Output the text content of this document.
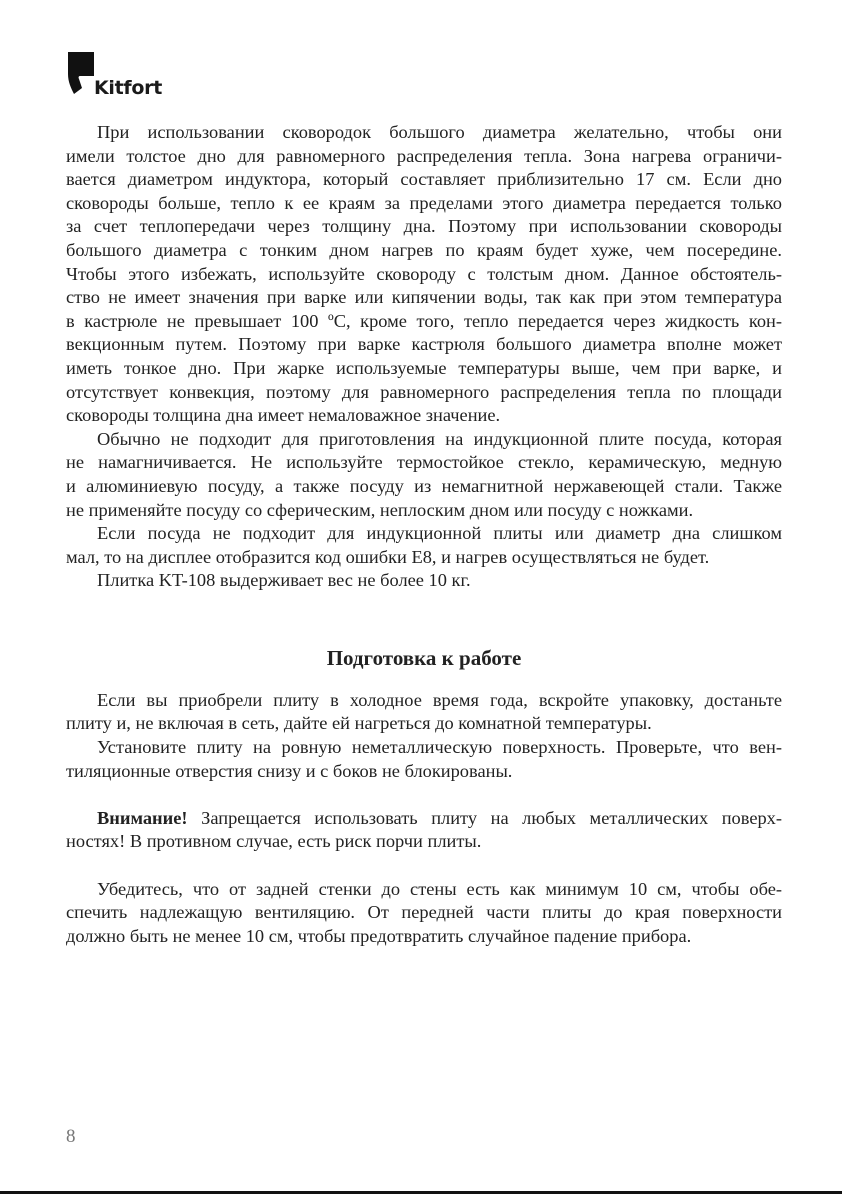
Kitfort
При использовании сковородок большого диаметра желательно, чтобы они
имели толстое дно для равномерного распределения тепла. Зона нагрева ограничи-
вается диаметром индуктора, который составляет приблизительно 17 см. Если дно
сковороды больше, тепло к ее краям за пределами этого диаметра передается только
за счет теплопередачи через толщину дна. Поэтому при использовании сковороды
большого диаметра с тонким дном нагрев по краям будет хуже, чем посередине.
Чтобы этого избежать, используйте сковороду с толстым дном. Данное обстоятель-
ство не имеет значения при варке или кипячении воды, так как при этом температура
в кастрюле не превышает 100 ºС, кроме того, тепло передается через жидкость кон-
векционным путем. Поэтому при варке кастрюля большого диаметра вполне может
иметь тонкое дно. При жарке используемые температуры выше, чем при варке, и
отсутствует конвекция, поэтому для равномерного распределения тепла по площади
сковороды толщина дна имеет немаловажное значение.
Обычно не подходит для приготовления на индукционной плите посуда, которая
не намагничивается. Не используйте термостойкое стекло, керамическую, медную
и алюминиевую посуду, а также посуду из немагнитной нержавеющей стали. Также
не применяйте посуду со сферическим, неплоским дном или посуду с ножками.
Если посуда не подходит для индукционной плиты или диаметр дна слишком
мал, то на дисплее отобразится код ошибки Е8, и нагрев осуществляться не будет.
Плитка KT-108 выдерживает вес не более 10 кг.
Подготовка к работе
Если вы приобрели плиту в холодное время года, вскройте упаковку, достаньте
плиту и, не включая в сеть, дайте ей нагреться до комнатной температуры.
Установите плиту на ровную неметаллическую поверхность. Проверьте, что вен-
тиляционные отверстия снизу и с боков не блокированы.
Внимание! Запрещается использовать плиту на любых металлических поверх-
ностях! В противном случае, есть риск порчи плиты.
Убедитесь, что от задней стенки до стены есть как минимум 10 см, чтобы обе-
спечить надлежащую вентиляцию. От передней части плиты до края поверхности
должно быть не менее 10 см, чтобы предотвратить случайное падение прибора.
8
